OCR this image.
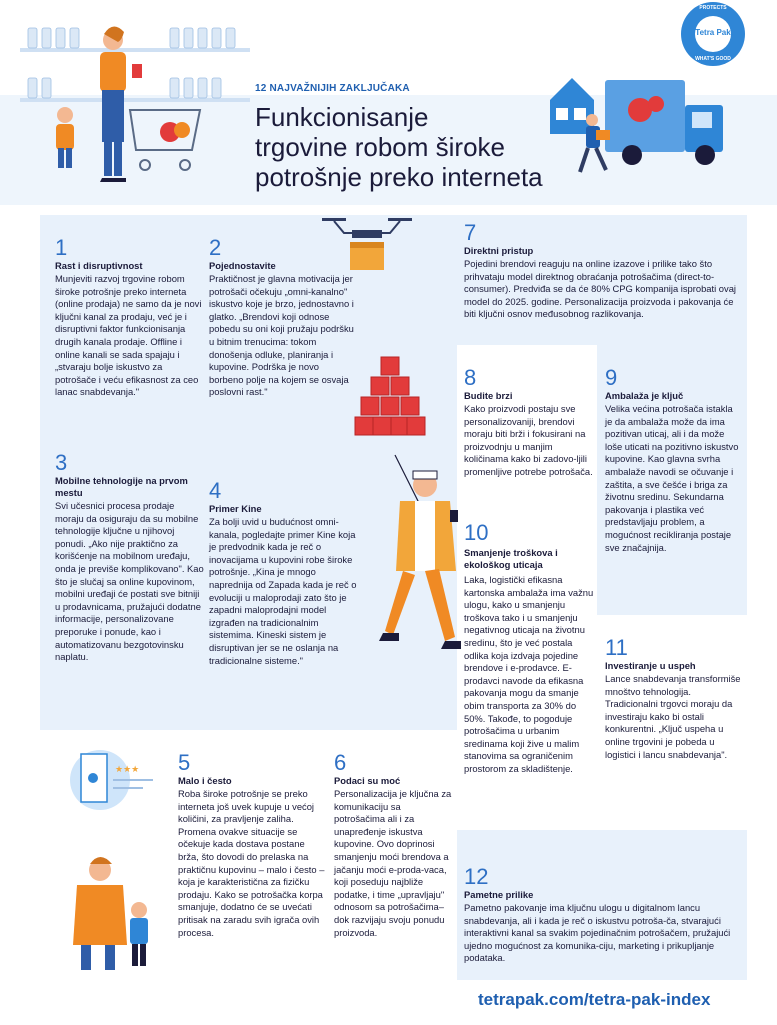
12 NAJVAŽNIJIH ZAKLJUČAKA
Funkcionisanje
trgovine robom široke
potrošnje preko interneta
PROTECTS
Tetra Pak
WHAT'S GOOD
★★★
1
Rast i disruptivnost
Munjeviti razvoj trgovine robom široke potrošnje preko interneta (online prodaja) ne samo da je novi ključni kanal za prodaju, već je i disruptivni faktor funkcionisanja drugih kanala prodaje. Offline i online kanali se sada spajaju i „stvaraju bolje iskustvo za potrošače i veću efikasnost za ceo lanac snabdevanja."
2
Pojednostavite
Praktičnost je glavna motivacija jer potrošači očekuju „omni-kanalno" iskustvo koje je brzo, jednostavno i glatko. „Brendovi koji odnose pobedu su oni koji pružaju podršku u bitnim trenucima: tokom donošenja odluke, planiranja i kupovine. Podrška je novo borbeno polje na kojem se osvaja poslovni rast."
3
Mobilne tehnologije na prvom mestu
Svi učesnici procesa prodaje moraju da osiguraju da su mobilne tehnologije ključne u njihovoj ponudi. „Ako nije praktično za korišćenje na mobilnom uređaju, onda je previše komplikovano". Kao što je slučaj sa online kupovinom, mobilni uređaji će postati sve bitniji u prodavnicama, pružajući dodatne informacije, personalizovane preporuke i ponude, kao i automatizovanu bezgotovinsku naplatu.
4
Primer Kine
Za bolji uvid u budućnost omni-kanala, pogledajte primer Kine koja je predvodnik kada je reč o inovacijama u kupovini robe široke potrošnje. „Kina je mnogo naprednija od Zapada kada je reč o evoluciji u maloprodaji zato što je zapadni maloprodajni model izgrađen na tradicionalnim sistemima. Kineski sistem je disruptivan jer se ne oslanja na tradicionalne sisteme."
5
Malo i često
Roba široke potrošnje se preko interneta još uvek kupuje u većoj količini, za pravljenje zaliha. Promena ovakve situacije se očekuje kada dostava postane brža, što dovodi do prelaska na praktičnu kupovinu – malo i često – koja je karakteristična za fizičku prodaju. Kako se potrošačka korpa smanjuje, dodatno će se uvećati pritisak na zaradu svih igrača ovih procesa.
6
Podaci su moć
Personalizacija je ključna za komunikaciju sa potrošačima ali i za unapređenje iskustva kupovine. Ovo doprinosi smanjenju moći brendova a jačanju moći e-proda-vaca, koji poseduju najbliže podatke, i time „upravljaju" odnosom sa potrošačima– dok razvijaju svoju ponudu proizvoda.
7
Direktni pristup
Pojedini brendovi reaguju na online izazove i prilike tako što prihvataju model direktnog obraćanja potrošačima (direct-to-consumer). Predviđa se da će 80% CPG kompanija isprobati ovaj model do 2025. godine. Personalizacija proizvoda i pakovanja će biti ključni osnov međusobnog razlikovanja.
8
Budite brzi
Kako proizvodi postaju sve personalizovaniji, brendovi moraju biti brži i fokusirani na proizvodnju u manjim količinama kako bi zadovo-ljili promenljive potrebe potrošača.
9
Ambalaža je ključ
Velika većina potrošača istakla je da ambalaža može da ima pozitivan uticaj, ali i da može loše uticati na pozitivno iskustvo kupovine. Kao glavna svrha ambalaže navodi se očuvanje i zaštita, a sve češće i briga za životnu sredinu. Sekundarna pakovanja i plastika već predstavljaju problem, a mogućnost recikliranja postaje sve značajnija.
10
Smanjenje troškova i ekološkog uticaja
Laka, logistički efikasna kartonska ambalaža ima važnu ulogu, kako u smanjenju troškova tako i u smanjenju negativnog uticaja na životnu sredinu, što je već postala odlika koja izdvaja pojedine brendove i e-prodavce. E-prodavci navode da efikasna pakovanja mogu da smanje obim transporta za 30% do 50%. Takođe, to pogoduje potrošačima u urbanim sredinama koji žive u malim stanovima sa ograničenim prostorom za skladištenje.
11
Investiranje u uspeh
Lance snabdevanja transformiše mnoštvo tehnologija. Tradicionalni trgovci moraju da investiraju kako bi ostali konkurentni. „Ključ uspeha u online trgovini je pobeda u logistici i lancu snabdevanja".
12
Pametne prilike
Pametno pakovanje ima ključnu ulogu u digitalnom lancu snabdevanja, ali i kada je reč o iskustvu potroša-ča, stvarajući interaktivni kanal sa svakim pojedinačnim potrošačem, pružajući ujedno mogućnost za komunika-ciju, marketing i prikupljanje podataka.
tetrapak.com/tetra-pak-index
